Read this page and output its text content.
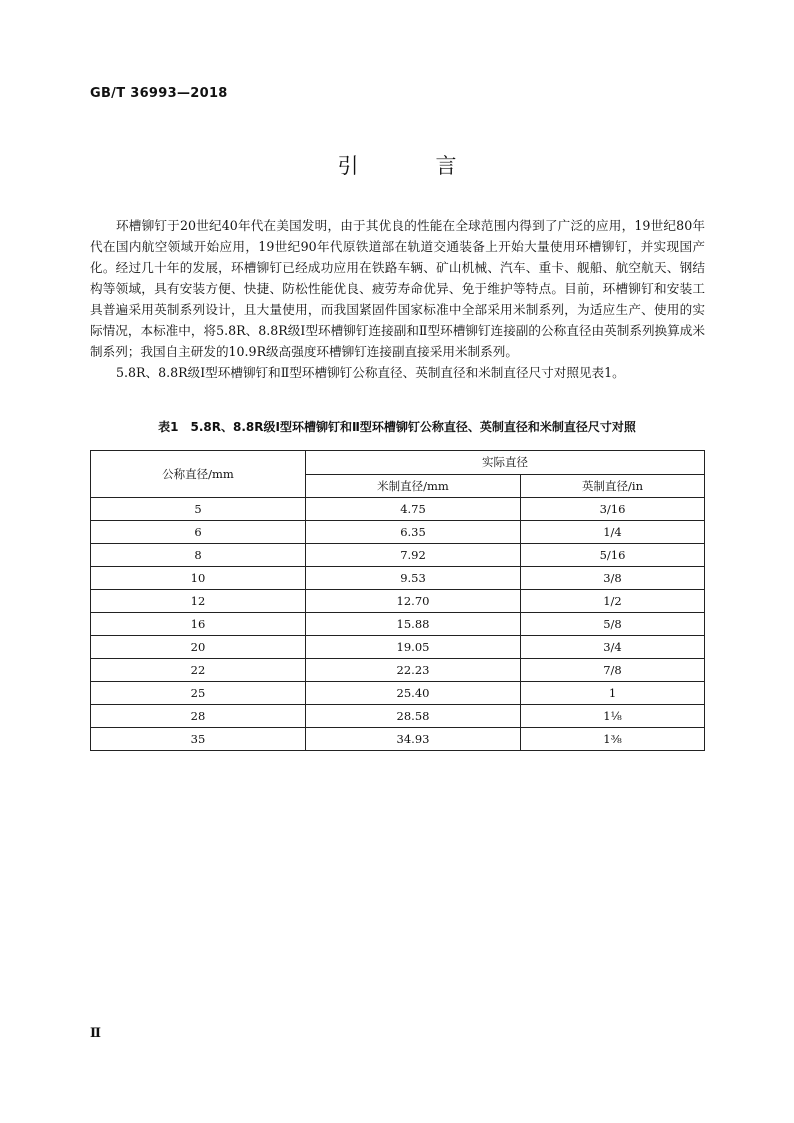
GB/T 36993—2018
引　言

环槽铆钉于20世纪40年代在美国发明，由于其优良的性能在全球范围内得到了广泛的应用，19世纪80年代在国内航空领域开始应用，19世纪90年代原铁道部在轨道交通装备上开始大量使用环槽铆钉，并实现国产化。经过几十年的发展，环槽铆钉已经成功应用在铁路车辆、矿山机械、汽车、重卡、舰船、航空航天、钢结构等领域，具有安装方便、快捷、防松性能优良、疲劳寿命优异、免于维护等特点。目前，环槽铆钉和安装工具普遍采用英制系列设计，且大量使用，而我国紧固件国家标准中全部采用米制系列，为适应生产、使用的实际情况，本标准中，将5.8R、8.8R级Ⅰ型环槽铆钉连接副和Ⅱ型环槽铆钉连接副的公称直径由英制系列换算成米制系列；我国自主研发的10.9R级高强度环槽铆钉连接副直接采用米制系列。

5.8R、8.8R级Ⅰ型环槽铆钉和Ⅱ型环槽铆钉公称直径、英制直径和米制直径尺寸对照见表1。

表1　5.8R、8.8R级Ⅰ型环槽铆钉和Ⅱ型环槽铆钉公称直径、英制直径和米制直径尺寸对照
公称直径/mm	实际直径	
	米制直径/mm	英制直径/in
5	4.75	3/16
6	6.35	1/4
8	7.92	5/16
10	9.53	3/8
12	12.70	1/2
16	15.88	5/8
20	19.05	3/4
22	22.23	7/8
25	25.40	1
28	28.58	1⅛
35	34.93	1⅜
Ⅱ
